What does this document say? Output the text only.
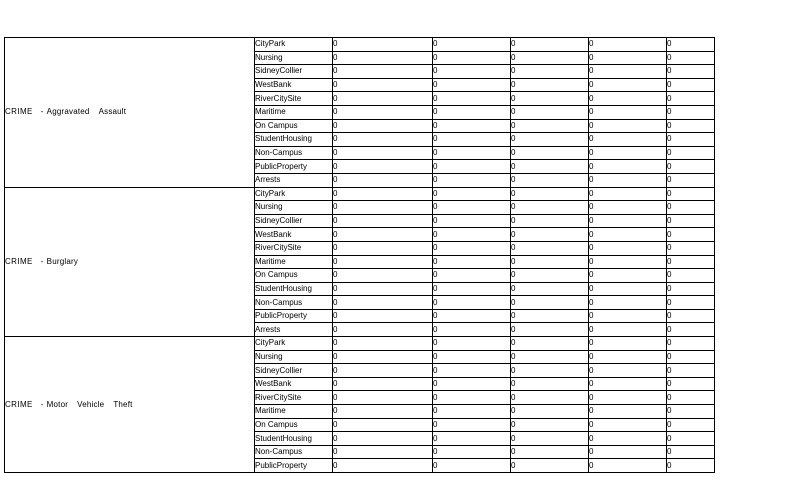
CRIME - Aggravated Assault	CityPark	0	0	0	0	0
	Nursing	0	0	0	0	0
	SidneyCollier	0	0	0	0	0
	WestBank	0	0	0	0	0
	RiverCitySite	0	0	0	0	0
	Maritime	0	0	0	0	0
	On Campus	0	0	0	0	0
	StudentHousing	0	0	0	0	0
	Non-Campus	0	0	0	0	0
	PublicProperty	0	0	0	0	0
	Arrests	0	0	0	0	0
CRIME - Burglary	CityPark	0	0	0	0	0
	Nursing	0	0	0	0	0
	SidneyCollier	0	0	0	0	0
	WestBank	0	0	0	0	0
	RiverCitySite	0	0	0	0	0
	Maritime	0	0	0	0	0
	On Campus	0	0	0	0	0
	StudentHousing	0	0	0	0	0
	Non-Campus	0	0	0	0	0
	PublicProperty	0	0	0	0	0
	Arrests	0	0	0	0	0
CRIME - Motor Vehicle Theft	CityPark	0	0	0	0	0
	Nursing	0	0	0	0	0
	SidneyCollier	0	0	0	0	0
	WestBank	0	0	0	0	0
	RiverCitySite	0	0	0	0	0
	Maritime	0	0	0	0	0
	On Campus	0	0	0	0	0
	StudentHousing	0	0	0	0	0
	Non-Campus	0	0	0	0	0
	PublicProperty	0	0	0	0	0
